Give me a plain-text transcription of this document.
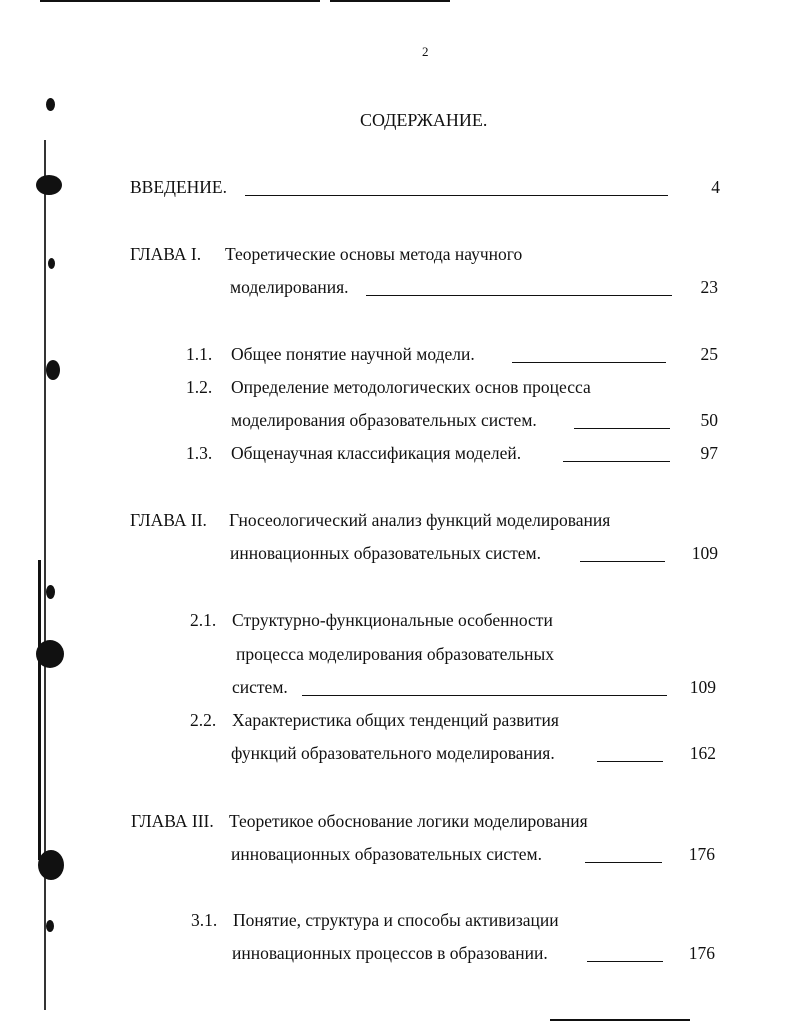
2
СОДЕРЖАНИЕ.
ВВЕДЕНИЕ.	4
ГЛАВА I. Теоретические основы метода научного
моделирования.	23
1.1. Общее понятие научной модели.	25
1.2. Определение методологических основ процесса
моделирования образовательных систем.	50
1.3. Общенаучная классификация моделей.	97
ГЛАВА II. Гносеологический анализ функций моделирования
инновационных образовательных систем.	109
2.1. Структурно-функциональные особенности
процесса моделирования образовательных
систем.	109
2.2. Характеристика общих тенденций развития
функций образовательного моделирования.	162
ГЛАВА III. Теоретикое обоснование логики моделирования
инновационных образовательных систем.	176
3.1. Понятие, структура и способы активизации
инновационных процессов в образовании.	176
